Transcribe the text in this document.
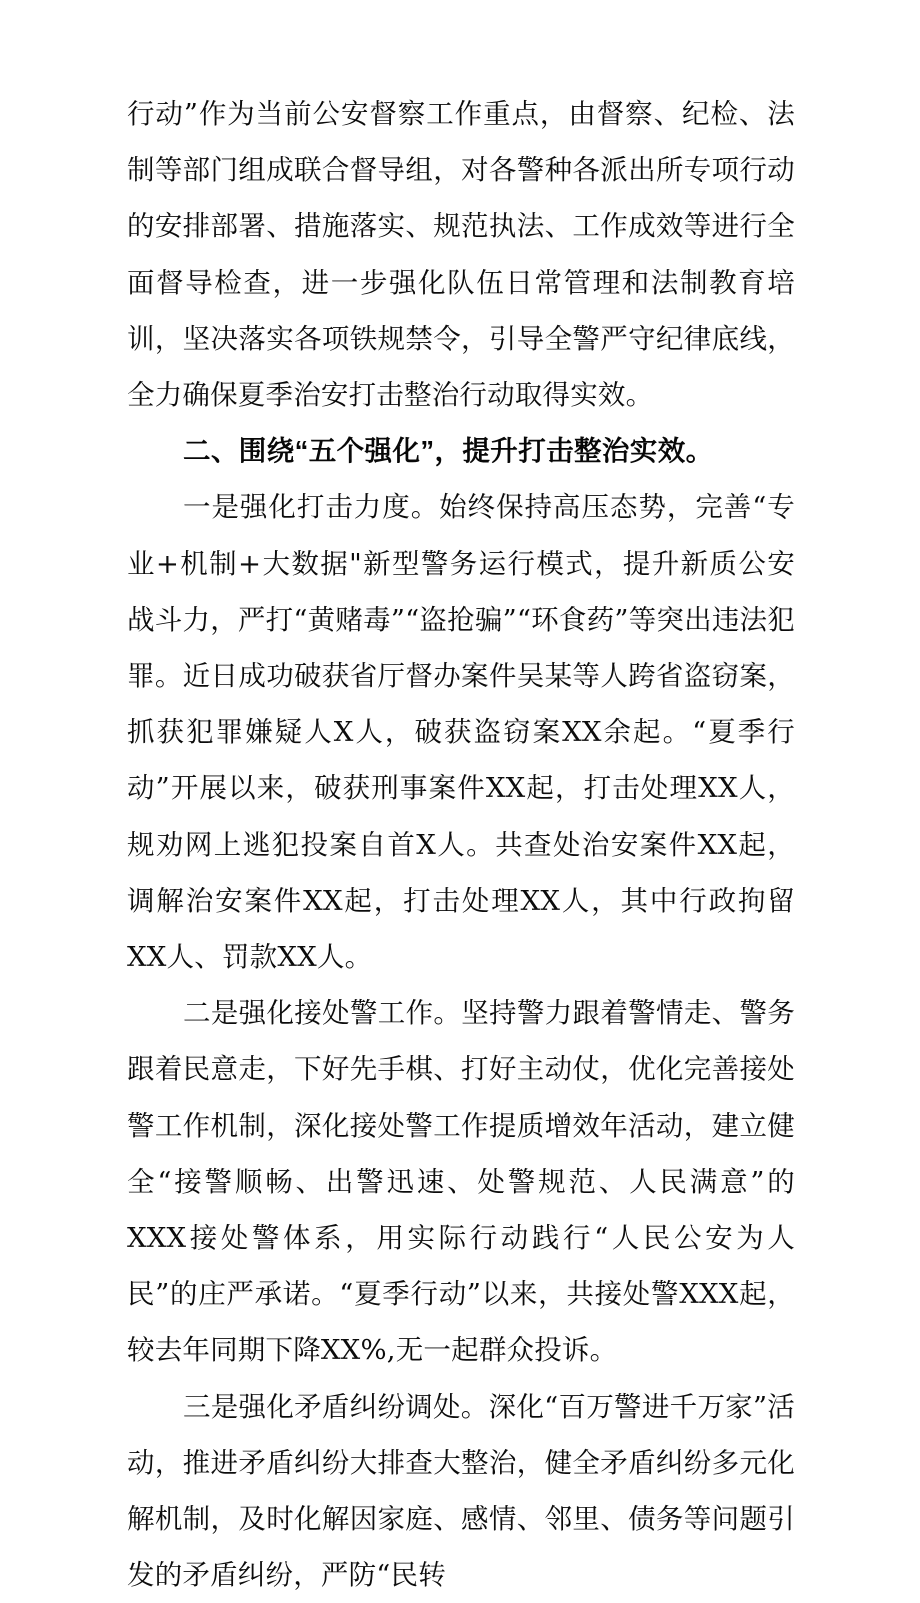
行动”作为当前公安督察工作重点，由督察、纪检、法制等部门组成联合督导组，对各警种各派出所专项行动的安排部署、措施落实、规范执法、工作成效等进行全面督导检查，进一步强化队伍日常管理和法制教育培训，坚决落实各项铁规禁令，引导全警严守纪律底线，全力确保夏季治安打击整治行动取得实效。

二、围绕“五个强化”，提升打击整治实效。

一是强化打击力度。始终保持高压态势，完善“专业+机制+大数据"新型警务运行模式，提升新质公安战斗力，严打“黄赌毒”“盗抢骗”“环食药”等突出违法犯罪。近日成功破获省厅督办案件吴某等人跨省盗窃案，抓获犯罪嫌疑人X人，破获盗窃案XX余起。“夏季行动”开展以来，破获刑事案件XX起，打击处理XX人，规劝网上逃犯投案自首X人。共查处治安案件XX起，调解治安案件XX起，打击处理XX人，其中行政拘留XX人、罚款XX人。

二是强化接处警工作。坚持警力跟着警情走、警务跟着民意走，下好先手棋、打好主动仗，优化完善接处警工作机制，深化接处警工作提质增效年活动，建立健全“接警顺畅、出警迅速、处警规范、人民满意”的XXX接处警体系，用实际行动践行“人民公安为人民”的庄严承诺。“夏季行动”以来，共接处警XXX起，较去年同期下降XX%,无一起群众投诉。

三是强化矛盾纠纷调处。深化“百万警进千万家”活动，推进矛盾纠纷大排查大整治，健全矛盾纠纷多元化解机制，及时化解因家庭、感情、邻里、债务等问题引发的矛盾纠纷，严防“民转
